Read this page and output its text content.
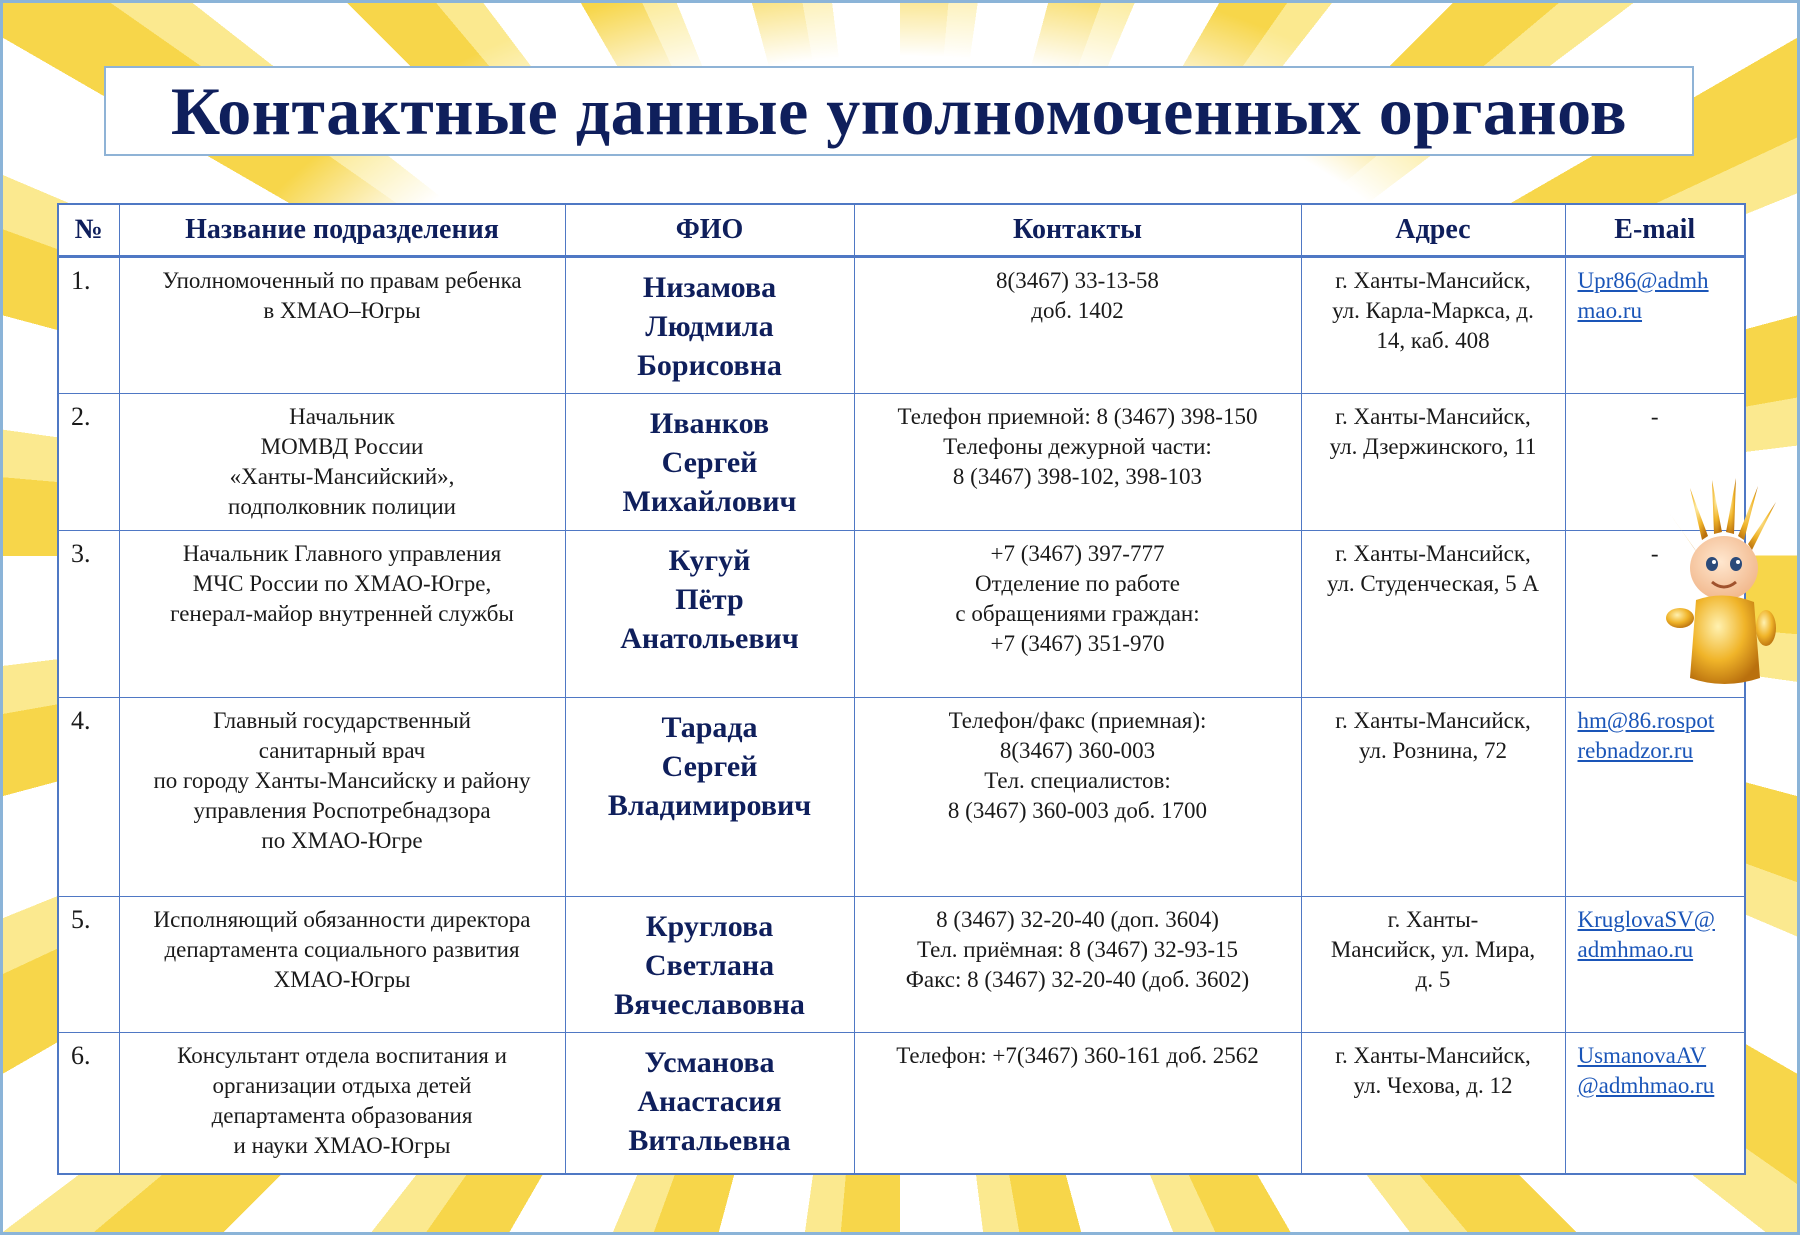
Контактные данные уполномоченных органов
№	Название подразделения	ФИО	Контакты	Адрес	E-mail
1.	Уполномоченный по правам ребенка
в ХМАО–Югры	Низамова
Людмила
Борисовна	8(3467) 33-13-58
доб. 1402	г. Ханты-Мансийск,
ул. Карла-Маркса, д.
14, каб. 408	Upr86@admh
mao.ru
2.	Начальник
МОМВД России
«Ханты-Мансийский»,
подполковник полиции	Иванков
Сергей
Михайлович	Телефон приемной: 8 (3467) 398-150
Телефоны дежурной части:
8 (3467) 398-102, 398-103	г. Ханты-Мансийск,
ул. Дзержинского, 11	-
3.	Начальник Главного управления
МЧС России по ХМАО-Югре,
генерал-майор внутренней службы	Кугуй
Пётр
Анатольевич	+7 (3467) 397-777
Отделение по работе
с обращениями граждан:
+7 (3467) 351-970	г. Ханты-Мансийск,
ул. Студенческая, 5 А	-
4.	Главный государственный
санитарный врач
по городу Ханты-Мансийску и району
управления Роспотребнадзора
по ХМАО-Югре	Тарада
Сергей
Владимирович	Телефон/факс (приемная):
8(3467) 360-003
Тел. специалистов:
8 (3467) 360-003 доб. 1700	г. Ханты-Мансийск,
ул. Рознина, 72	hm@86.rospot
rebnadzor.ru
5.	Исполняющий обязанности директора
департамента социального развития
ХМАО-Югры	Круглова
Светлана
Вячеславовна	8 (3467) 32-20-40 (доп. 3604)
Тел. приёмная: 8 (3467) 32-93-15
Факс: 8 (3467) 32-20-40 (доб. 3602)	г. Ханты-
Мансийск, ул. Мира,
д. 5	KruglovaSV@
admhmao.ru
6.	Консультант отдела воспитания и
организации отдыха детей
департамента образования
и науки ХМАО-Югры	Усманова
Анастасия
Витальевна	Телефон: +7(3467) 360-161 доб. 2562	г. Ханты-Мансийск,
ул. Чехова, д. 12	UsmanovaAV
@admhmao.ru
